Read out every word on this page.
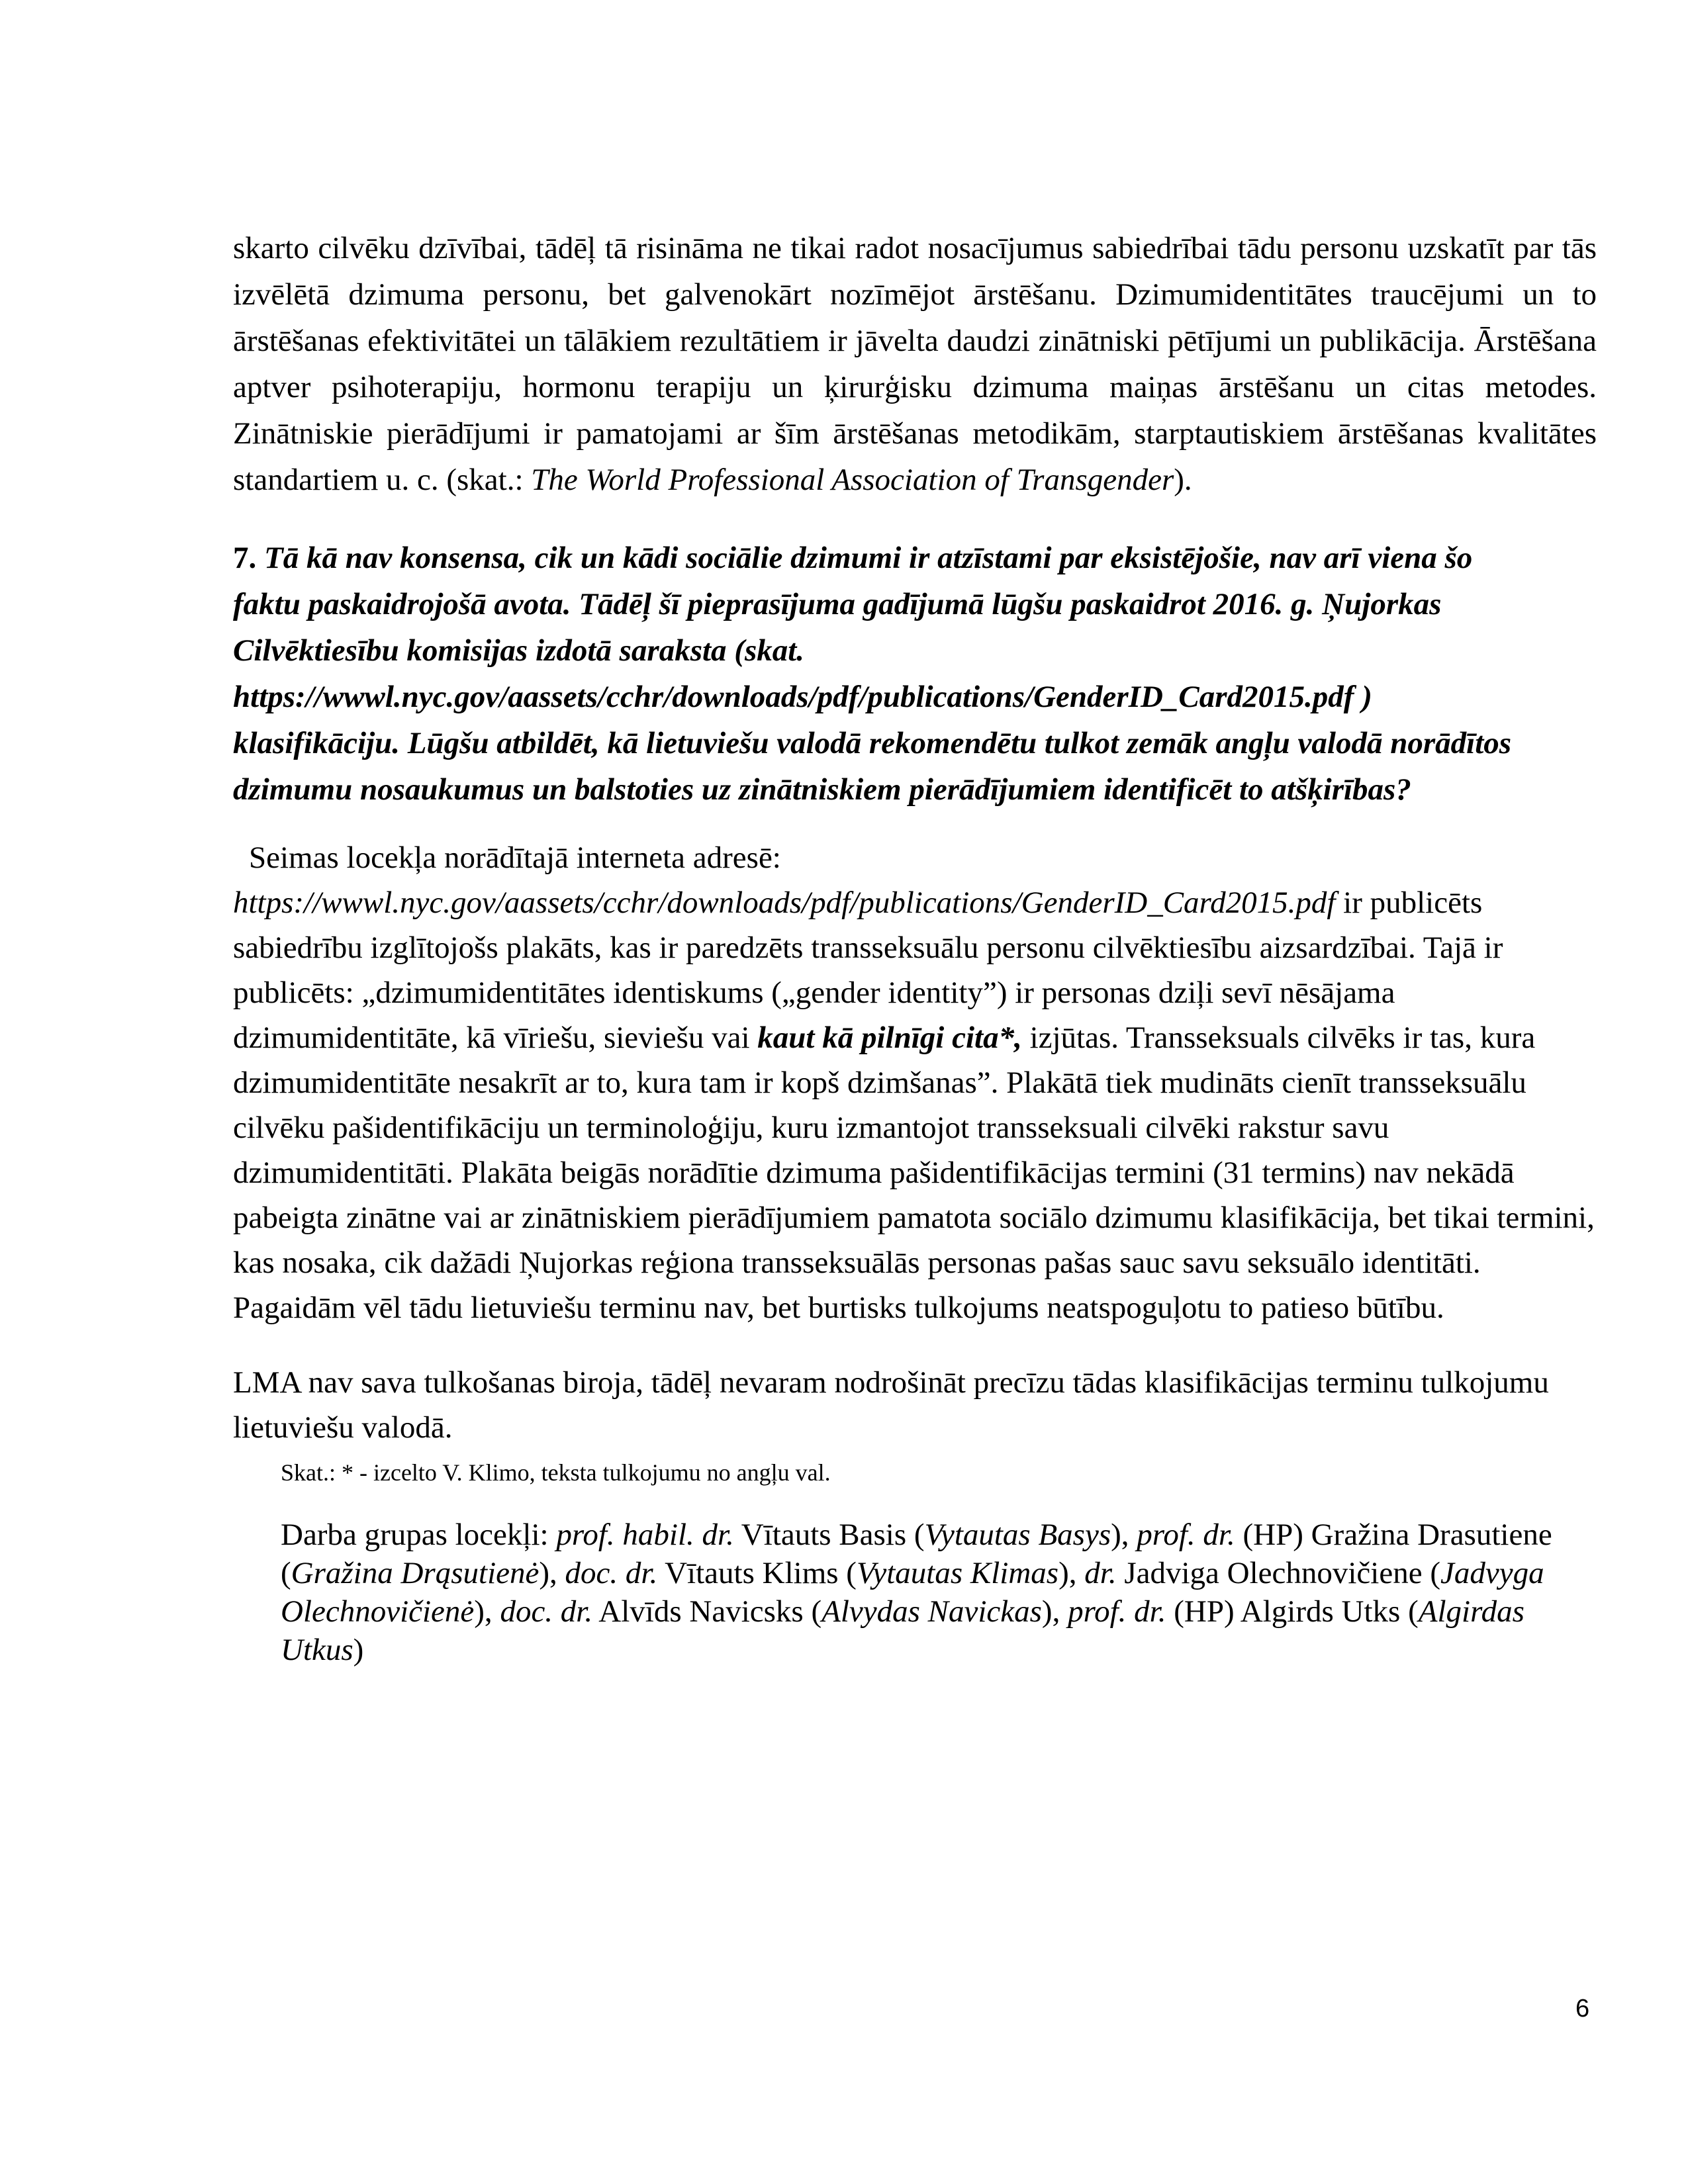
skarto cilvēku dzīvībai, tādēļ tā risināma ne tikai radot nosacījumus sabiedrībai tādu personu uzskatīt par tās izvēlētā dzimuma personu, bet galvenokārt nozīmējot ārstēšanu. Dzimumidentitātes traucējumi un to ārstēšanas efektivitātei un tālākiem rezultātiem ir jāvelta daudzi zinātniski pētījumi un publikācija. Ārstēšana aptver psihoterapiju, hormonu terapiju un ķirurģisku dzimuma maiņas ārstēšanu un citas metodes. Zinātniskie pierādījumi ir pamatojami ar šīm ārstēšanas metodikām, starptautiskiem ārstēšanas kvalitātes standartiem u. c. (skat.: The World Professional Association of Transgender).
7. Tā kā nav konsensa, cik un kādi sociālie dzimumi ir atzīstami par eksistējošie, nav arī viena šo
faktu paskaidrojošā avota. Tādēļ šī pieprasījuma gadījumā lūgšu paskaidrot 2016. g. Ņujorkas
Cilvēktiesību komisijas izdotā saraksta (skat.
https://wwwl.nyc.gov/aassets/cchr/downloads/pdf/publications/GenderID_Card2015.pdf )
klasifikāciju. Lūgšu atbildēt, kā lietuviešu valodā rekomendētu tulkot zemāk angļu valodā norādītos
dzimumu nosaukumus un balstoties uz zinātniskiem pierādījumiem identificēt to atšķirības?
Seimas locekļa norādītajā interneta adresē:
https://wwwl.nyc.gov/aassets/cchr/downloads/pdf/publications/GenderID_Card2015.pdf ir publicēts sabiedrību izglītojošs plakāts, kas ir paredzēts transseksuālu personu cilvēktiesību aizsardzībai. Tajā ir publicēts: „dzimumidentitātes identiskums („gender identity”) ir personas dziļi sevī nēsājama dzimumidentitāte, kā vīriešu, sieviešu vai kaut kā pilnīgi cita*, izjūtas. Transseksuals cilvēks ir tas, kura dzimumidentitāte nesakrīt ar to, kura tam ir kopš dzimšanas”. Plakātā tiek mudināts cienīt transseksuālu cilvēku pašidentifikāciju un terminoloģiju, kuru izmantojot transseksuali cilvēki rakstur savu dzimumidentitāti. Plakāta beigās norādītie dzimuma pašidentifikācijas termini (31 termins) nav nekādā pabeigta zinātne vai ar zinātniskiem pierādījumiem pamatota sociālo dzimumu klasifikācija, bet tikai termini, kas nosaka, cik dažādi Ņujorkas reģiona transseksuālās personas pašas sauc savu seksuālo identitāti. Pagaidām vēl tādu lietuviešu terminu nav, bet burtisks tulkojums neatspoguļotu to patieso būtību.
LMA nav sava tulkošanas biroja, tādēļ nevaram nodrošināt precīzu tādas klasifikācijas terminu tulkojumu lietuviešu valodā.
Skat.: * - izcelto V. Klimo, teksta tulkojumu no angļu val.
Darba grupas locekļi: prof. habil. dr. Vītauts Basis (Vytautas Basys), prof. dr. (HP) Gražina Drasutiene (Gražina Drąsutienė), doc. dr. Vītauts Klims (Vytautas Klimas), dr. Jadviga Olechnovičiene (Jadvyga Olechnovičienė), doc. dr. Alvīds Navicsks (Alvydas Navickas), prof. dr. (HP) Algirds Utks (Algirdas Utkus)
6
